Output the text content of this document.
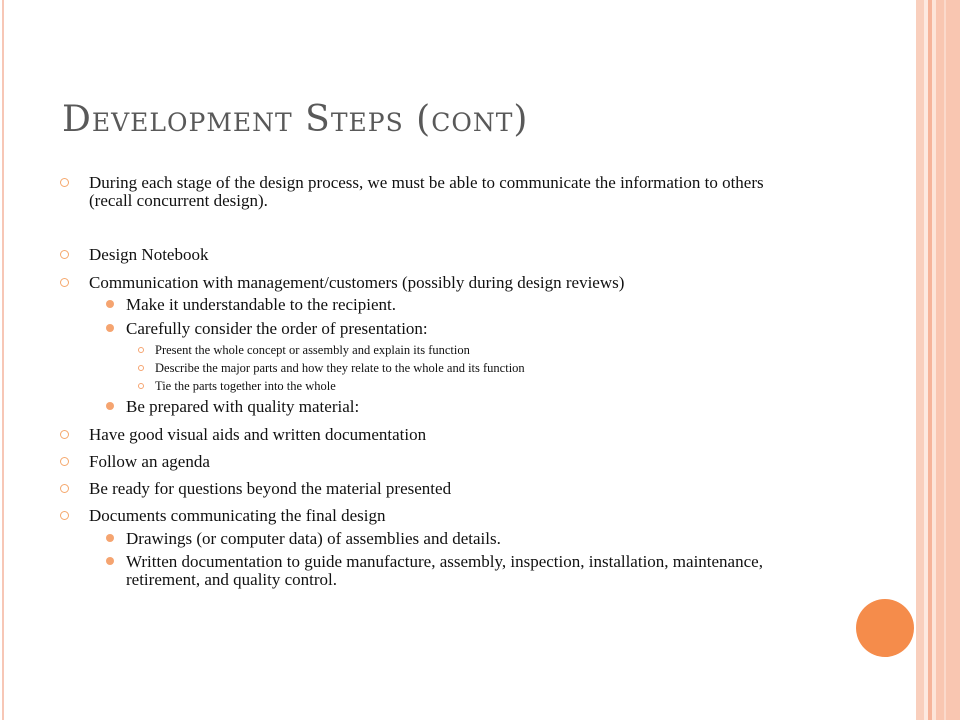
Development Steps (cont)
During each stage of the design process, we must be able to communicate the information to others (recall concurrent design).
Design Notebook
Communication with management/customers (possibly during design reviews)
Make it understandable to the recipient.
Carefully consider the order of presentation:
Present the whole concept or assembly and explain its function
Describe the major parts and how they relate to the whole and its function
Tie the parts together into the whole
Be prepared with quality material:
Have good visual aids and written documentation
Follow an agenda
Be ready for questions beyond the material presented
Documents communicating the final design
Drawings (or computer data) of assemblies and details.
Written documentation to guide manufacture, assembly, inspection, installation, maintenance, retirement, and quality control.
